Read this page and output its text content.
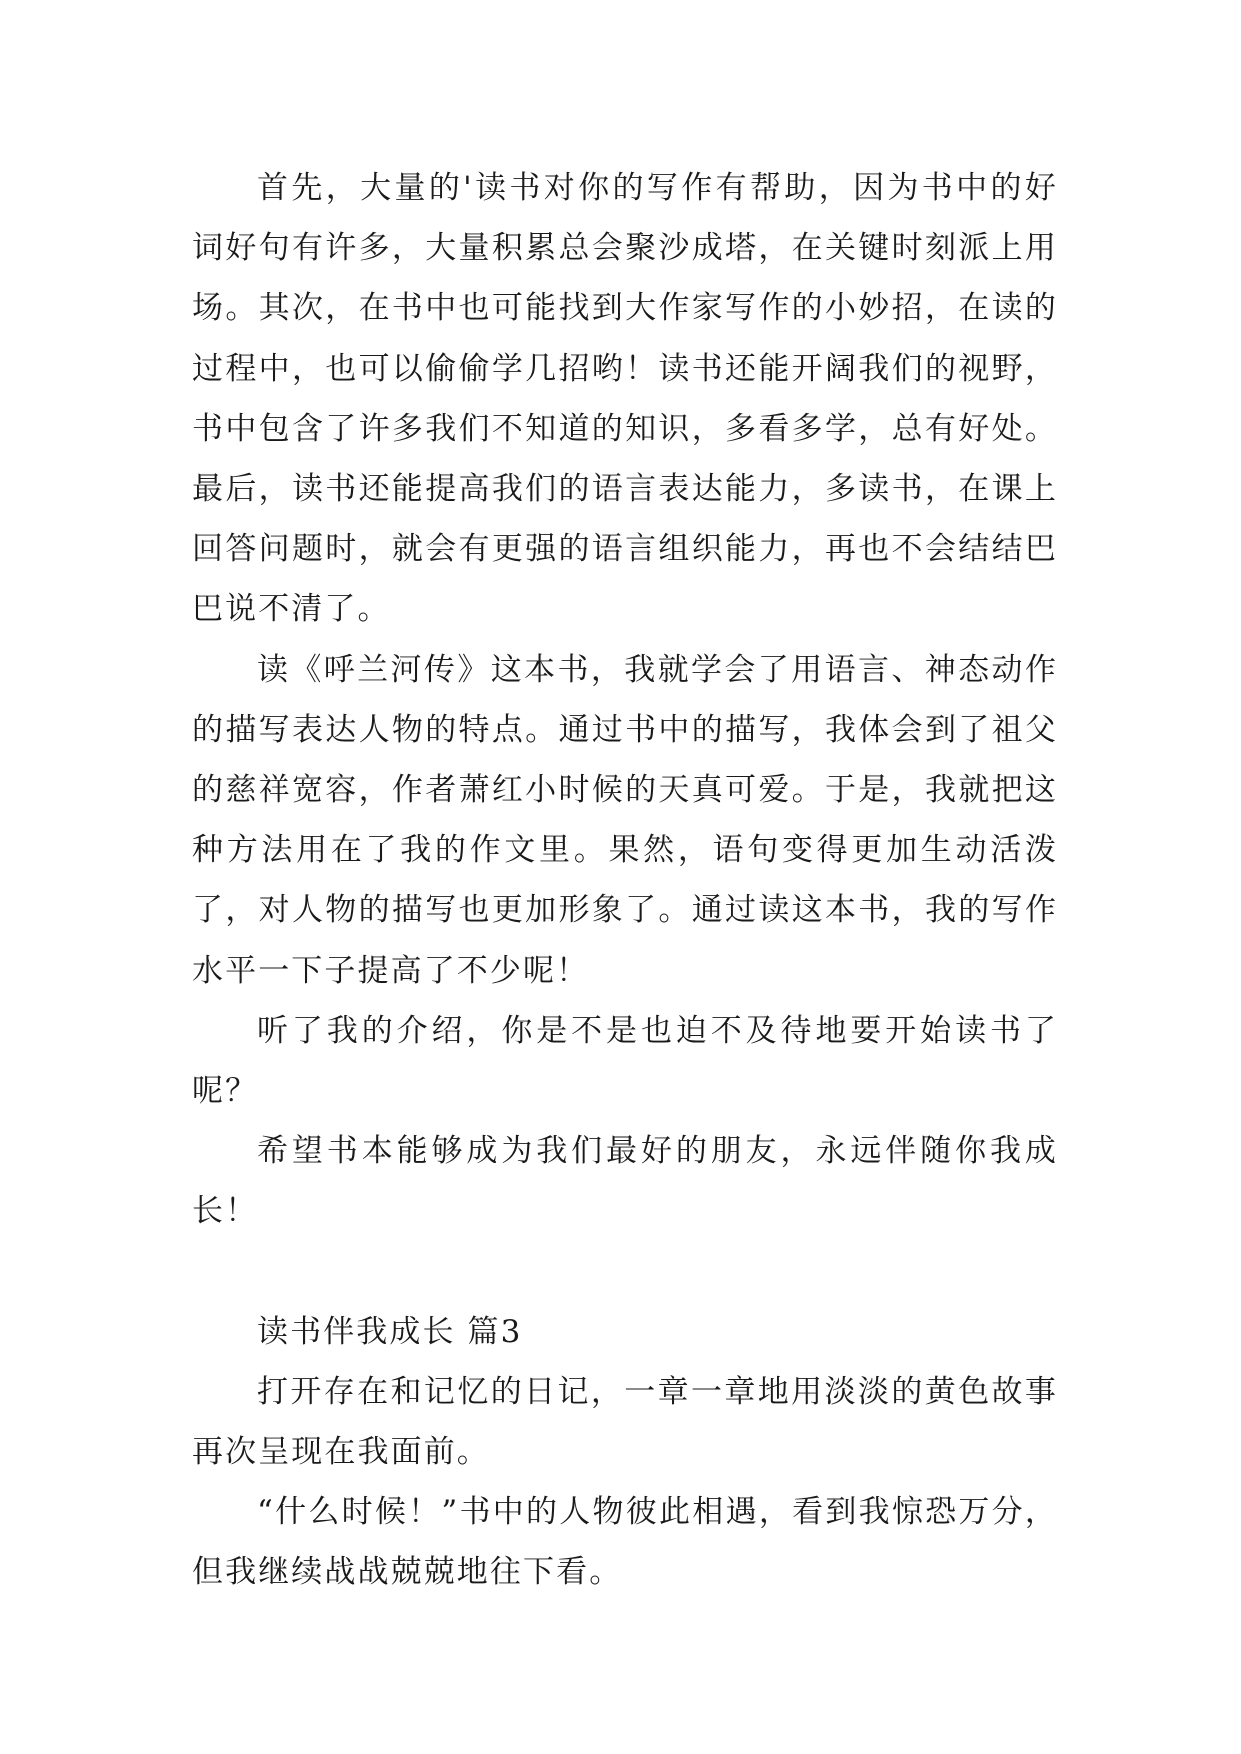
首先，大量的'读书对你的写作有帮助，因为书中的好词好句有许多，大量积累总会聚沙成塔，在关键时刻派上用场。其次，在书中也可能找到大作家写作的小妙招，在读的过程中，也可以偷偷学几招哟！读书还能开阔我们的视野，书中包含了许多我们不知道的知识，多看多学，总有好处。最后，读书还能提高我们的语言表达能力，多读书，在课上回答问题时，就会有更强的语言组织能力，再也不会结结巴巴说不清了。

读《呼兰河传》这本书，我就学会了用语言、神态动作的描写表达人物的特点。通过书中的描写，我体会到了祖父的慈祥宽容，作者萧红小时候的天真可爱。于是，我就把这种方法用在了我的作文里。果然，语句变得更加生动活泼了，对人物的描写也更加形象了。通过读这本书，我的写作水平一下子提高了不少呢！

听了我的介绍，你是不是也迫不及待地要开始读书了呢？

希望书本能够成为我们最好的朋友，永远伴随你我成长！

读书伴我成长 篇3

打开存在和记忆的日记，一章一章地用淡淡的黄色故事再次呈现在我面前。

“什么时候！”书中的人物彼此相遇，看到我惊恐万分，但我继续战战兢兢地往下看。
